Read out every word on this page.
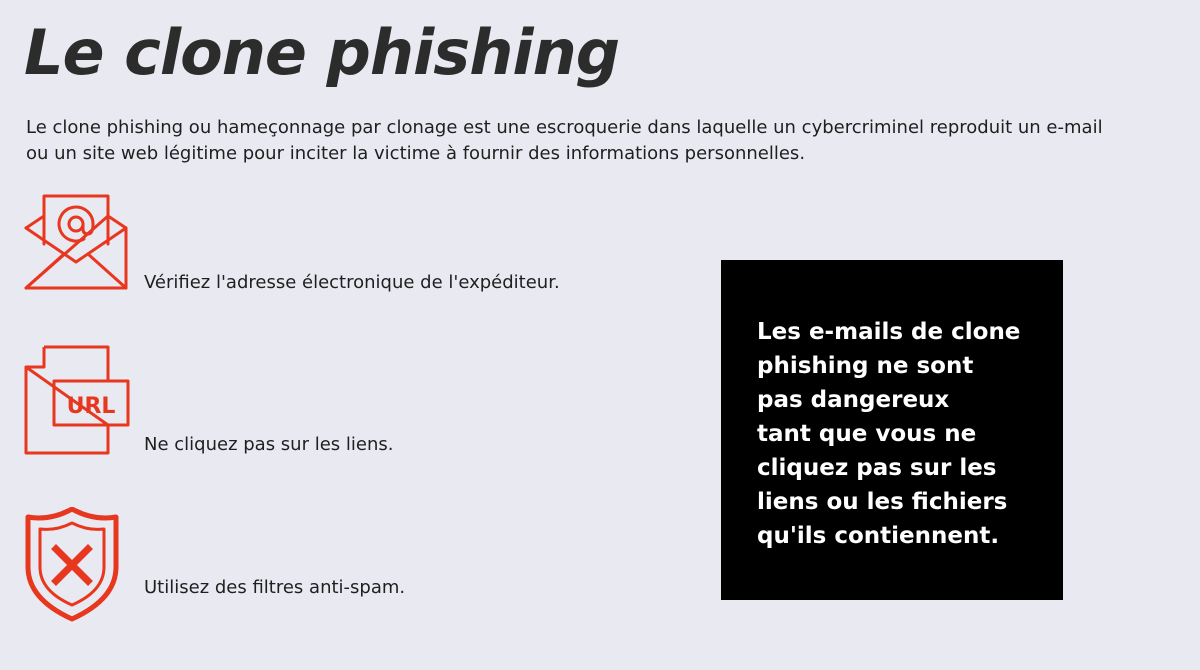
Le clone phishing

Le clone phishing ou hameçonnage par clonage est une escroquerie dans laquelle un cybercriminel reproduit un e-mail
ou un site web légitime pour inciter la victime à fournir des informations personnelles.

Vérifiez l'adresse électronique de l'expéditeur.
URL
Ne cliquez pas sur les liens.
Utilisez des filtres anti-spam.
Les e-mails de clone
phishing ne sont
pas dangereux
tant que vous ne
cliquez pas sur les
liens ou les fichiers
qu'ils contiennent.
